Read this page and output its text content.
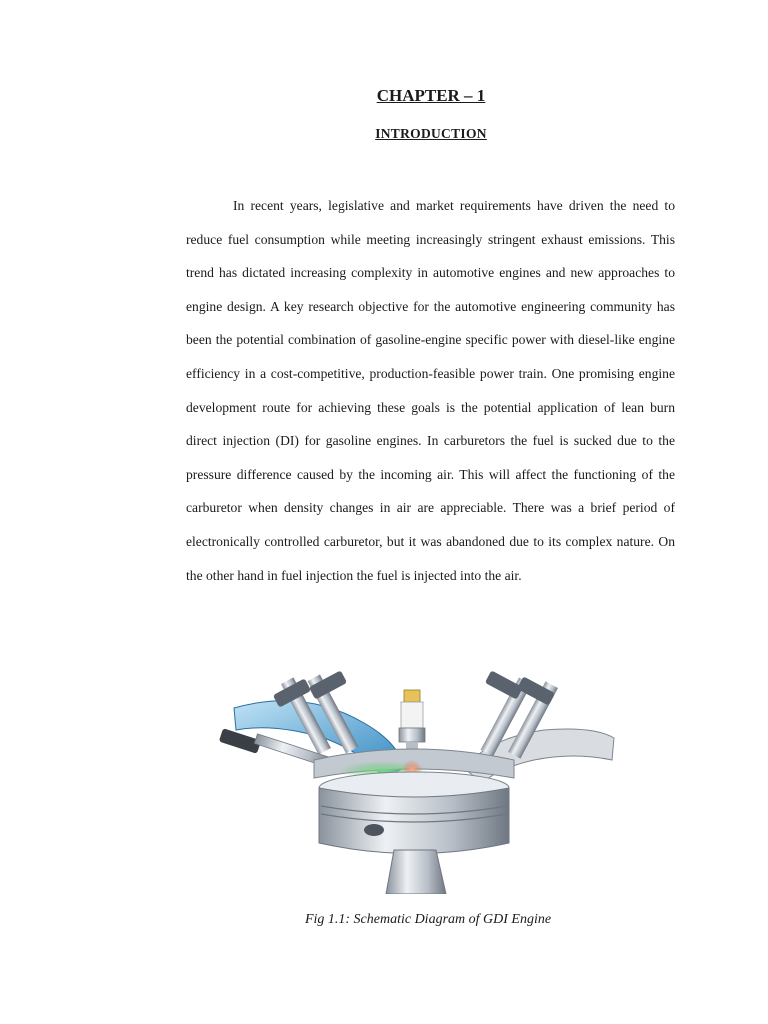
CHAPTER – 1
INTRODUCTION

In recent years, legislative and market requirements have driven the need to reduce fuel consumption while meeting increasingly stringent exhaust emissions. This trend has dictated increasing complexity in automotive engines and new approaches to engine design. A key research objective for the automotive engineering community has been the potential combination of gasoline-engine specific power with diesel-like engine efficiency in a cost-competitive, production-feasible power train. One promising engine development route for achieving these goals is the potential application of lean burn direct injection (DI) for gasoline engines. In carburetors the fuel is sucked due to the pressure difference caused by the incoming air. This will affect the functioning of the carburetor when density changes in air are appreciable. There was a brief period of electronically controlled carburetor, but it was abandoned due to its complex nature. On the other hand in fuel injection the fuel is injected into the air.

Fig 1.1: Schematic Diagram of GDI Engine
